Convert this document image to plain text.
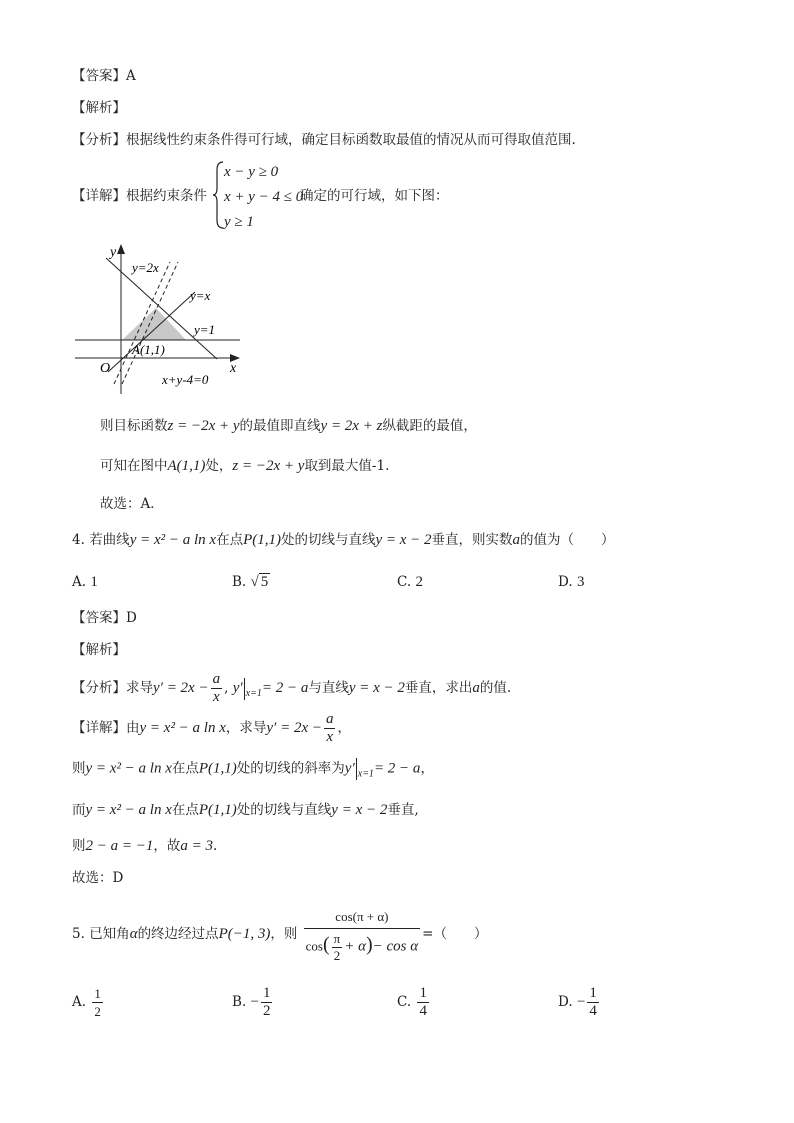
【答案】A
【解析】
【分析】根据线性约束条件得可行域，确定目标函数取最值的情况从而可得取值范围.
【详解】根据约束条件
x − y ≥ 0
x + y − 4 ≤ 0
y ≥ 1
确定的可行域，如下图：
y
x
O
y=2x
y=x
y=1
A(1,1)
x+y-4=0
则目标函数z = −2x + y的最值即直线y = 2x + z纵截距的最值，
可知在图中A(1,1)处，z = −2x + y取到最大值-1.
故选：A．
4. 若曲线y = x² − a ln x在点P(1,1)处的切线与直线y = x − 2垂直，则实数a的值为（　　）
A. 1	B. √ 5	C. 2	D. 3
【答案】D
【解析】
【分析】求导$y' = 2x - \frac{a}{x}$ , y′ $_{x=1}$= 2 − a与直线y = x − 2垂直，求出a的值.
【详解】由y = x² − a ln x，求导$y' = 2x - \frac{a}{x}$ ，
则y = x² − a ln x在点P(1,1)处的切线的斜率为y′ $_{x=1}$= 2 − a，
而y = x² − a ln x在点P(1,1)处的切线与直线y = x − 2垂直,
则2 − a = −1，故a = 3.
故选：D
5. 已知角α的终边经过点P(−1, 3)，则 $\frac{\cos(\pi + \alpha)}{\cos( \frac{\pi}{2} + \alpha)- \cos \alpha}$ =（　　）
A. $\frac{1}{2}$	B. − $\frac{1}{2}$	C. $\frac{1}{4}$	D. − $\frac{1}{4}$
